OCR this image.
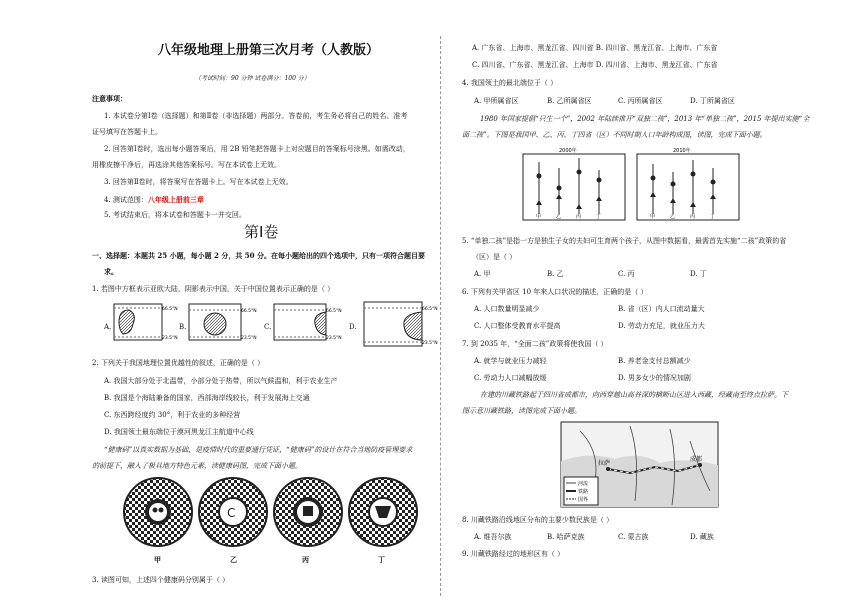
八年级地理上册第三次月考（人教版）
（考试时间：90 分钟 试卷满分：100 分）
注意事项：
1. 本试卷分第Ⅰ卷（选择题）和第Ⅱ卷（非选择题）两部分。答卷前，考生务必将自己的姓名、准考
证号填写在答题卡上。
2. 回答第Ⅰ卷时，选出每小题答案后，用 2B 铅笔把答题卡上对应题目的答案标号涂黑。如需改动，
用橡皮擦干净后，再选涂其他答案标号。写在本试卷上无效。
3. 回答第Ⅱ卷时，将答案写在答题卡上。写在本试卷上无效。
4. 测试范围：八年级上册前三章
5. 考试结束后，将本试卷和答题卡一并交回。
第Ⅰ卷
一、选择题：本题共 25 小题，每小题 2 分，共 50 分。在每小题给出的四个选项中，只有一项符合题目要
求。
1. 若图中方框表示亚欧大陆，阴影表示中国，关于中国位置表示正确的是（ ）
A.
66.5°N
23.5°N
B.
66.5°N
23.5°N
C.
66.5°N
23.5°N
D.
66.5°N
23.5°N
2. 下列关于我国地理位置优越性的叙述，正确的是（ ）
A. 我国大部分处于北温带，小部分处于热带，所以气候温和，利于农业生产
B. 我国是个海陆兼备的国家，西部海岸线较长，利于发展海上交通
C. 东西跨经度约 30°，利于农业的多种经营
D. 我国领土最东端位于漠河黑龙江主航道中心线
“健康码”以真实数据为基础，是疫情时代的重要通行凭证，“健康码”的设计在符合当地防疫管理要求
的前提下，融入了极具地方特色元素，读健康码图，完成下面小题。
C
甲	乙	丙	丁
3. 读图可知，上述四个健康码分别属于（ ）
A. 广东省、上海市、黑龙江省、四川省 B. 四川省、黑龙江省、上海市、广东省
C. 四川省、广东省、黑龙江省、上海市 D. 四川省、上海市、黑龙江省、广东省
4. 我国领土的最北端位于（ ）
A. 甲所属省区	B. 乙所属省区	C. 丙所属省区	D. 丁所属省区
1980 年国家提倡“只生一个”，2002 年陆续推开“双独二孩”，2013 年“单独二孩”，2015 年提出实施“全
面二孩”。下图是我国甲、乙、丙、丁四省（区）不同时期人口年龄构成图，读图，完成下面小题。
2000年
甲	乙	丙	丁
2010年
甲	乙	丙	丁
5. “单独二孩”是指一方是独生子女的夫妇可生育两个孩子，从图中数据看，最需首先实施“二孩”政策的省
（区）是（ ）
A. 甲	B. 乙	C. 丙	D. 丁
6. 下列有关甲省区 10 年来人口状况的描述，正确的是（ ）
A. 人口数量明显减少	B. 省（区）内人口流动量大
C. 人口整体受教育水平提高	D. 劳动力充足，就业压力大
7. 到 2035 年，“全面二孩”政策将使我国（ ）
A. 就学与就业压力减轻	B. 养老金支付总额减少
C. 劳动力人口减幅放缓	D. 男多女少的情况加剧
在建的川藏铁路起于四川省成都市，向西穿越山高谷深的横断山区进入西藏，经藏南至终点拉萨。下
图示意川藏铁路，读图完成下面小题。
拉萨
成都
河流
铁路
国界
8. 川藏铁路沿线地区分布的主要少数民族是（ ）
A. 维吾尔族	B. 哈萨克族	C. 蒙古族	D. 藏族
9. 川藏铁路经过的地形区有（ ）
